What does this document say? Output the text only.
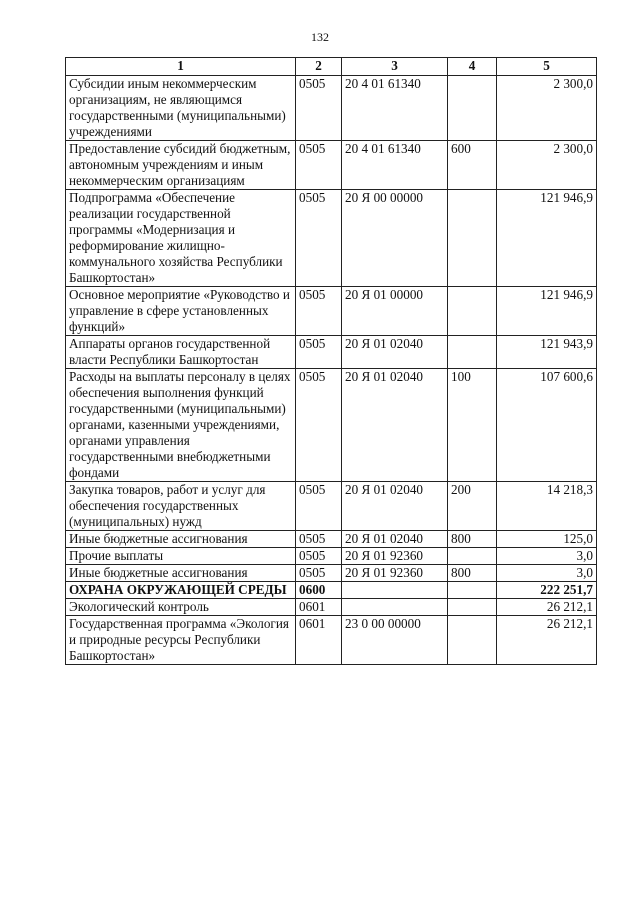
132
1	2	3	4	5
Субсидии иным некоммерческим организациям, не являющимся государственными (муниципальными) учреждениями	0505	20 4 01 61340		2 300,0
Предоставление субсидий бюджетным, автономным учреждениям и иным некоммерческим организациям	0505	20 4 01 61340	600	2 300,0
Подпрограмма «Обеспечение реализации государственной программы «Модернизация и реформирование жилищно-коммунального хозяйства Республики Башкортостан»	0505	20 Я 00 00000		121 946,9
Основное мероприятие «Руководство и управление в сфере установленных функций»	0505	20 Я 01 00000		121 946,9
Аппараты органов государственной власти Республики Башкортостан	0505	20 Я 01 02040		121 943,9
Расходы на выплаты персоналу в целях обеспечения выполнения функций государственными (муниципальными) органами, казенными учреждениями, органами управления государственными внебюджетными фондами	0505	20 Я 01 02040	100	107 600,6
Закупка товаров, работ и услуг для обеспечения государственных (муниципальных) нужд	0505	20 Я 01 02040	200	14 218,3
Иные бюджетные ассигнования	0505	20 Я 01 02040	800	125,0
Прочие выплаты	0505	20 Я 01 92360		3,0
Иные бюджетные ассигнования	0505	20 Я 01 92360	800	3,0
ОХРАНА ОКРУЖАЮЩЕЙ СРЕДЫ	0600			222 251,7
Экологический контроль	0601			26 212,1
Государственная программа «Экология и природные ресурсы Республики Башкортостан»	0601	23 0 00 00000		26 212,1
